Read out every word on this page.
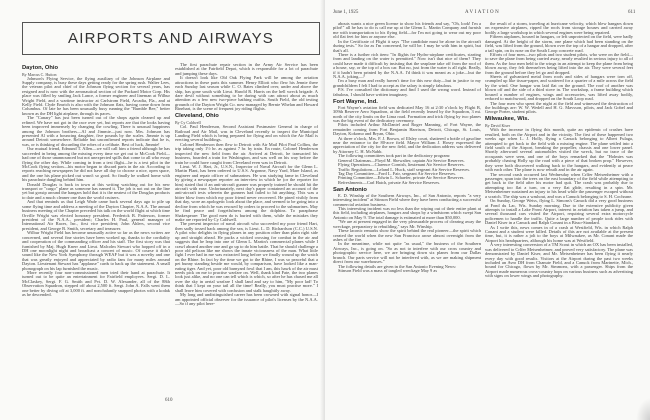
AIRPORTS AND AIRWAYS
Dayton, Ohio
By Marcus C. Hutton

Johnson's Flying Service, the flying auxiliary of the Johnson Airplane and Supply company, is busy these days getting ready for the spring rush. Walter Lees, the veteran pilot and chief of the Johnson flying section for several years, has resigned and is now with the aeronautical section of the Packard Motor Corp. His place was filled by smiling Jack Lance, a former engineer and lineman at Wilbur Wright Field, and a wartime instructor at Carlstrom Field, Arcadia, Fla., and at Kelly Field. Clyde Emrich is also with the Johnson flats, having come down from Columbus. Of late he has been unusually busy running the "Bumble Bee," better known as the DH light airplane, through its paces.

The "Canary" has just been turned out of the shops again cleaned up and refined. We have not got in the race over yet, but reports are that the looks having been improved immensely by changing the cowling. There is unusual happiness among the Johnson brothers—Al and Jimmie—just now. Mrs. Johnson has presented Al with a bouncing daughter, five pounds by the scales. Jimmie is up around Detroit somewhere. Reliable but unconfirmed reports indicate that he is, was, or is thinking of discarding the robes of a celibate. Best of luck, Jimmie!

Our mutual friend, Edmund T. Allen—we will call him a friend although he has succeeded in being among the missing every time we get out to McCook Field—had one of those unannounced but not unexpected spills that come to all who essay flying the other day. While coming in from a test flight—he is a test pilot in the McCook flying section—his motor began to discard parts in the air. According to reports reaching newspapers he did not have all day to choose a nice, open space, and the one his plane picked out wasn't so good. So finally he walked home with his parachute dangling behind him.

Donald Douglas is back in town at this writing watching out for his new transport or "cargo" plane as someone has named it. The job is not out on the line yet but gossip around the hangars hold that it is the neatest of the Douglas products to date and a much cleaner one than the world cruisers.

And that reminds us that Leigh Wade came back several days ago to pile up some flying time and address a meeting of the Dayton Chapter, N.A.A. The annual business meeting of the Chapter preceded his talk on the world flight at which time Orville Wright was elected honorary president. Frederick B. Patterson, former president of the N.A.A., president; Charles H. Paul, general manager of International Air Races, Inc., first vice president; John Ahlers, second vice president, and George B. Smith, secretary and treasurer.

Wilbur Wright Field has become unusually active so far as the news writers are concerned, and several fine stories have been worked up, thanks to the cordiality and cooperation of the commanding officer and his staff. The first story was that furnished by Maj. Hugh Knerr and Lieut. Malcolm Stewart who hopped off in a DH one moonlight night and broadcast a concert of music. Of course it didn't sound like the New York Symphony through WEAF but it was a novelty and one that was greatly enjoyed and appreciated by radio fans for many miles around Dayton. Lieutenant Stewart has "applause" cards to back up the statement. A small phonograph on his lap furnished the music.

More recently four non-commissioned men tried their hand at parachute. It turned out to be quite an entertainment for Fairfield employees. Sergt. D. L. McClaskey, Sergt. F. G. Smith and Pvt. D. W. Alexander, all of the 88th Observation Squadron, stepped off about 2,500 ft. Sergt. John A. Falls went them one better by diving off at 3,000 ft. and nonchalantly snapped photos with a kodak as he descended.

The first parachute repair section in the Army Air Service has been established at the Fairfield Depot, which is responsible for a lot of parachute and jumping these days.

It doesn't look like Old Oak Flying Park will be among the aviation attractions in these parts this summer. Henry Elliott who flew his Jennie there each Sunday last season while C. O. Bates climbed over, under and above the ship, has gone south with Lieut. Harold R. Harris on the hell wreck brigade. A dare devil without something to be daring with can attract about as much attention as a few new two-piece bathing outfits. South Field, the old testing grounds of the Dayton Wright Co. now managed by Bernie Whelan and Howard Rinehart, is the scene of frequent joy riding flights.

Cleveland, Ohio
By Cy Caldwell

Col. Paul Henderson, Second Assistant Postmaster General in charge of Railroad and Air Mail, was in Cleveland recently to inspect the Municipal Landing Field which is being prepared for flying and on which the Air Mail is erecting several buildings.

Colonel Henderson then flew to Detroit with Air Mail Pilot Paul Collins, the trip taking only 1½ hr. as against 7 hr. by train. En route, Colonel Henderson inspected the new field from the air. Arrived at Detroit, he transacted his business, boarded a train for Washington, and was well on his way before the train he could have caught from Cleveland even was in Detroit.

Lieut. W. J. Hart, Jr., U.S.N., Inspector of Naval Aircraft for the Glenn L. Martin Plant, has been ordered to U.S.S. Argonne, Navy Yard, Mare Island, as engineer and repair officer of submarines. He was studying fame in Cleveland by giving a newspaper reporter an interview in which he (or the reporter for him) stated that if an anti-aircraft gunner was properly trained he should hit the aircraft with ease. Unfortunately, next day's paper contained an account of the anti-aircraft tests wherein the gunners had failed to hit anything. This was a bitter blow from which my poor friend never recovered. He pined visibly from that day, wore an apologetic look about the place, and seemed to be going into a decline from which he was rescued by orders to proceed to the submarines. May he find peace and forgetfulness among the dolphins. To paraphrase Shakespeare: The good men do is buried with them, while the mistakes they make are reported by Cy Caldwell.

The present inspector of naval aircraft who succeeded my poor friend Hart, then sadly tossed back among the sea, is Lieut. L. D. Richardson (C.C.) U.S.N. A pilot who delights in flying planes in any position other than plain right side up and straight ahead. He packs a wicked crossing for combat in the air and suggests that he leap into one of Glenn L. Martin's commercial planes while I crawl aboard another one and go up to do him battle. That he should challenge a poor old pelican like me shows the innate viciousness of the man. What little fight I ever had in me was extracted long before we finally wound up the watch on the Rhine. In fact by the time we got to the Rhine, I was so peaceful that a pet bunny standing beside me would, by comparison, have looked like a man-eating tiger. And yet, poor old barnyard fowl that I am, this hawk of the air must needs pick on me to practise warfare on. Well, thank kind Fate, the two planes look just alike, and no one can tell which is which, so after he has chased me all over the sky in aerial warfare I shall land and say to him, "My poor lad! To think that I kept on your tail all the time! Really, you must practise more." I shall leave him covered with confusion and stalk haughtily away.

My long and undistinguished career has been crowned with signal honor—I am appointed official observer for the issuance of pilot's licenses by the N.A.A.—So if any pilot here-

610
June 1, 1925	AVIATION	611

abouts wants a nice green license to show his friends and say, "Oh, look! I'm a pilot!" all he has to do is call me up at the Glenn L. Martin Company and furnish me with transportation to his flying field—for I'm not going to wear out my poor old flat feet for him or anyone else.

In the Certificate of Flight it says "The candidate must be alone in the aircraft during tests." So far as I'm concerned, he will be. I may be with him in spirit, but that's all.

There is a further rich item: "In flights for Hydro-airplane certificates, starting from and landing on the water is permitted." Now isn't that nice of them? They could have made it difficult by insisting that the seaplane take off from the roof of a house, say, or the top of a box car. But no, just from the water is all right. Really, if it hadn't been printed by the N.A.A. I'd think it was meant as a joke—but the N.A.A. joking—?

I'm a busy man and really haven't time for this new duty—but in justice to my grandchildren I felt I had to accept as the salary is simply fabulous.

P.S. I've consulted the dictionary and find I used the wrong word. Instead of fabulous, I should have written imaginary.

Fort Wayne, Ind.

Fort Wayne's aviation field was dedicated May 16 at 2:30 o'clock by Flight B, 309th Reserve Aero Squadron, at the field recently leased by the Squadron, 3 mi. north of the city limits on the Lima road. Formation and trick flying by two planes was the big event of the dedicatory ceremony.

Pilots included Arthur McDaniel and Roger Manning, of Fort Wayne, the remainder coming from Fort Benjamin Harrison, Detroit, Chicago, St. Louis, Dayton, Kokomo and Bryan, Ohio.

At three o'clock, Mrs. F. J. Brown, of Illsley court, shattered a bottle of gasoline near the entrance to the 80-acre field. Mayor William J. Hosey expressed the appreciation of the city for the new field, and the dedication address was delivered by Attorney C. H. McNabb.

The following committees took part in the dedicatory program:

General Chairman—Floyd M. Shewalter, captain Air Service Reserves.

Flying Operations—Clarence Cornish, lieutenant Air Service Reserves.

Traffic Regulations—Leland L. Huck, staff sergeant Air Service Reserves.

Tag Day Committee—Ford L. Fair, sergeant Air Service Reserves.

Printing Committee—Edwin L. Schaefer, private Air Service Reserves.

Refreshments—Carl Hatch, private Air Service Reserves.

San Antonio

E. D. Winship of the Southern Airways, Inc., of San Antonio, reports "a very interesting incident" at Stinson Field where they have been conducting a successful commercial aviation business.

This interesting incident was no less than the wiping out of their entire plant at this field, including airplanes, hangars and shops by a windstorm which swept San Antonio on May 9. The total damage is estimated at more than $50,000.

"We are at present engaged in the very pleasurable process of clearing away the wreckage, preparatory to rebuilding," says Mr. Winship.

These laconic remarks show the spirit behind the real pioneer—the spirit which created the world when the new San Francisco arose almost overnight from the ashes of the fire.

In the meantime, while not quite "as usual," the business of the Southern Airways, Inc., is going on. "So as not to interfere with our cross country and photographic service here, we are bringing down six planes from our Dallas branch. Our parts service will not be interfered with, as we are making shipment direct from our warehouses."

The following details are given in the San Antonio Evening News:

Stinson Field was a mass of tangled wreckage May 9 as

the result of a storm, traveling at hurricane velocity, which blew hangars down on expensive airplanes, ripped the roofs from storage houses and carried away bodily a large workshop in which several engines were being repaired.

Fifteen airplanes, housed in hangars, or left unprotected on the field, were badly damaged. At the height of the storm, one plane which had been standing on the field, was lifted from the ground, blown over the top of a hangar and dropped, after a tail spin, on its nose on the South Loop concrete road.

Efforts of four men—two pilots and two student pilots, who were on the field—to save the plane from being carried away, nearly resulted in serious injury to all of them. As the four men held to the wings in an attempt to keep the plane from being blown away, they felt themselves being lifted into the air. They were several feet from the ground before they let go and dropped.

Sheets of galvanized metal from roofs and sides of hangars were torn off, crumpled up like tissue-paper, and scattered for a quarter of a mile across the field by the wind. One hangar was laid flat on the ground. The roof of another was blown off and the side of a third stove in. The workshop, a frame building which housed a number of engines, wings and accessories, was lifted away bodily, reduced to matchwood, and dropped on the South Loop road.

The four men who spent the night at the field and witnessed the destruction of the buildings are: W. W. Wedell and H. G. Mavsson, pilots, and Jack Gobel and George Porter, student pilots.

Milwaukee, Wis.
By David Kiser

With the increase in flying this month, quite an epidemic of crashes have resulted, both on the Airport and in the vicinity. The first of these happened two weeks ago when L. J. Holly, flying a Canuck belonging to Albert Fulaga, attempted to get back to the field with a missing engine. The plane settled into a field south of the Airport, breaking the propeller, chassis and one lower panel. Shortly afterward several automobiles visited the wreck, but no trace of the occupants were seen, and one of the boys remarked that the "Holmies was probably chasing Holly up the road with a piece of that broken prop." However, they were both discovered walking back to the hangars, and evidently at peace with each other. The plane is now rebuilt and in the air again.

The second crash occurred last Wednesday when Crlfer Meisenheimer with a passenger, spun into the trees on the east boundary of the field while attempting to get back to the field after his motor had quit. The crash was probably due to attempting too flat a turn, on a very flat glide, resulting in a spin. Mr. Meisenheimer sustained an injury to his head while the passenger escaped without a scratch. The ship was a washout, and was a Canuck belonging to S. H. Cochrane.

On Sunday, George Weiss, flying L. Simons's Canuck did a very good business at Fond du Lac, Wis. Sunday morning. Due to the extensive publicity given attempts to install a Lake Front Airport, interest in aviation has taken a jump, and several thousand cars visited the Airport, requiring several extra motorcycle policemen to handle the traffic. Quite a large number of people took rides with Daniel Kiser in a Canuck and Ralph Conant in a Bisso-Standard.

As I write this, news comes in of a crash at Westfield, Wis. in which Ralph Conant and a student were killed. Details of this are not available at the present time, but, it is rather a jolt to the boys at Milwaukee, as Mr. Conant made the Airport his headquarters, although his home was at Westfield.

A very interesting conversion of a TM Scout in which an OX has been installed, was delivered to Crlfer Meisenheimer, and proved very satisfactory. The plane was demonstrated by Daniel Kiser, and Mr. Meisenheimer has been flying it nearly every day with good results. Visitors at the Airport during the past two weeks included an Avro DH from Chanute Field, and a Canuck from Marinette, Mich., bound for Chicago, flown by Mr. Simmons, with a passenger. Ships from the Airport made numerous cross-country hops on various business such as advertising with signs on lower wings and photography.
